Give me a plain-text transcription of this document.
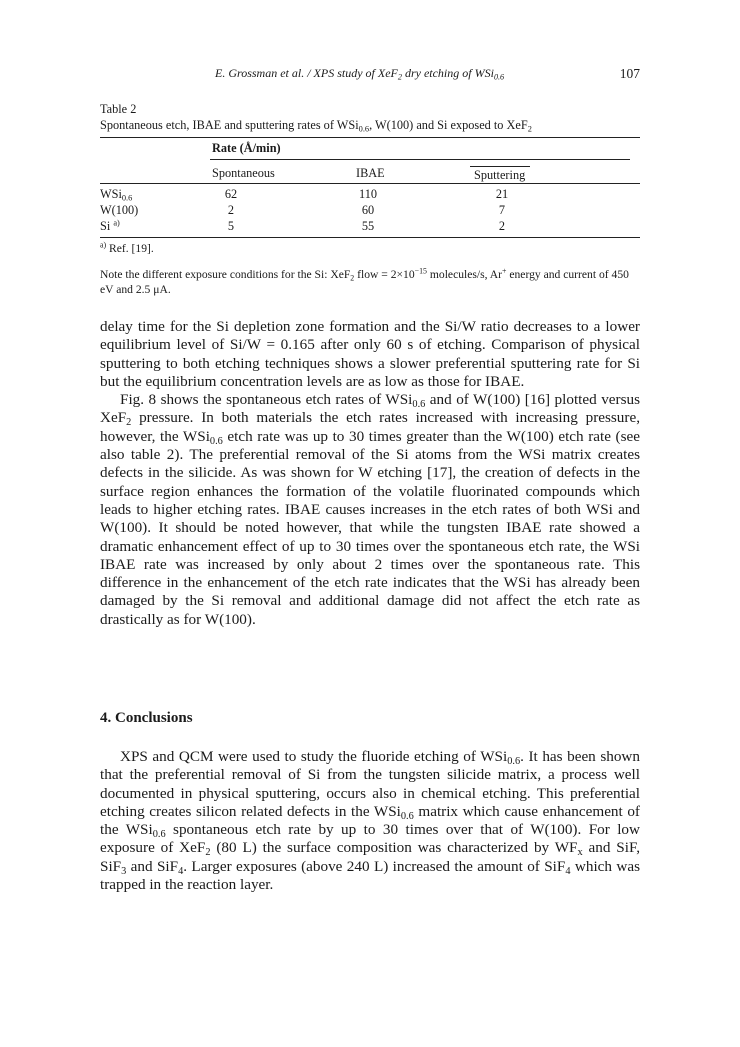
E. Grossman et al. / XPS study of XeF$_2$ dry etching of WSi$_{0.6}$	107
Table 2
Spontaneous etch, IBAE and sputtering rates of WSi$_{0.6}$, W(100) and Si exposed to XeF$_2$
Rate (Å/min)
Spontaneous	IBAE	Sputtering
WSi$_{0.6}$	62	110	21
W(100)	2	60	7
Si $^{a)}$	5	55	2
$^{a)}$ Ref. [19].
Note the different exposure conditions for the Si: XeF$_2$ flow = $2\times 10^{-15}$ molecules/s, Ar+ energy and current of 450 eV and 2.5 μA.

delay time for the Si depletion zone formation and the Si/W ratio decreases to a lower equilibrium level of Si/W = 0.165 after only 60 s of etching. Comparison of physical sputtering to both etching techniques shows a slower preferential sputtering rate for Si but the equilibrium concentration levels are as low as those for IBAE.

Fig. 8 shows the spontaneous etch rates of WSi$_{0.6}$ and of W(100) [16] plotted versus XeF$_2$ pressure. In both materials the etch rates increased with increasing pressure, however, the WSi$_{0.6}$ etch rate was up to 30 times greater than the W(100) etch rate (see also table 2). The preferential removal of the Si atoms from the WSi matrix creates defects in the silicide. As was shown for W etching [17], the creation of defects in the surface region enhances the formation of the volatile fluorinated compounds which leads to higher etching rates. IBAE causes increases in the etch rates of both WSi and W(100). It should be noted however, that while the tungsten IBAE rate showed a dramatic enhancement effect of up to 30 times over the spontaneous etch rate, the WSi IBAE rate was increased by only about 2 times over the spontaneous rate. This difference in the enhancement of the etch rate indicates that the WSi has already been damaged by the Si removal and additional damage did not affect the etch rate as drastically as for W(100).

4. Conclusions

XPS and QCM were used to study the fluoride etching of WSi$_{0.6}$. It has been shown that the preferential removal of Si from the tungsten silicide matrix, a process well documented in physical sputtering, occurs also in chemical etching. This preferential etching creates silicon related defects in the WSi$_{0.6}$ matrix which cause enhancement of the WSi$_{0.6}$ spontaneous etch rate by up to 30 times over that of W(100). For low exposure of XeF$_2$ (80 L) the surface composition was characterized by $WF_x$ and SiF, SiF$_3$ and SiF$_4$. Larger exposures (above 240 L) increased the amount of SiF$_4$ which was trapped in the reaction layer.
